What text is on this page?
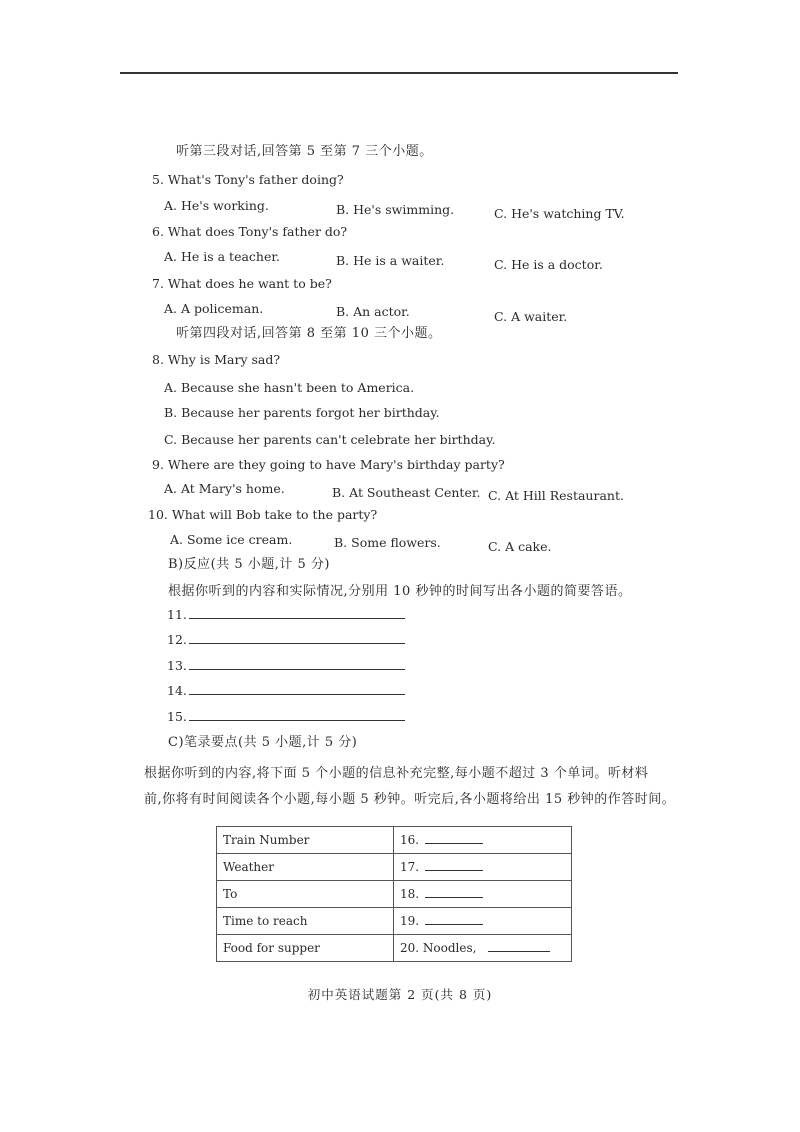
听第三段对话,回答第 5 至第 7 三个小题。
5. What's Tony's father doing?
A. He's working.	B. He's swimming.	C. He's watching TV.
6. What does Tony's father do?
A. He is a teacher.	B. He is a waiter.	C. He is a doctor.
7. What does he want to be?
A. A policeman.	B. An actor.	C. A waiter.
听第四段对话,回答第 8 至第 10 三个小题。
8. Why is Mary sad?
A. Because she hasn't been to America.
B. Because her parents forgot her birthday.
C. Because her parents can't celebrate her birthday.
9. Where are they going to have Mary's birthday party?
A. At Mary's home.	B. At Southeast Center. C. At Hill Restaurant.
10. What will Bob take to the party?
A. Some ice cream.	B. Some flowers.	C. A cake.
B)反应(共 5 小题,计 5 分)
根据你听到的内容和实际情况,分别用 10 秒钟的时间写出各小题的简要答语。
11.
12.
13.
14.
15.
C)笔录要点(共 5 小题,计 5 分)
根据你听到的内容,将下面 5 个小题的信息补充完整,每小题不超过 3 个单词。听材料
前,你将有时间阅读各个小题,每小题 5 秒钟。听完后,各小题将给出 15 秒钟的作答时间。
Train Number	16.
Weather	17.
To	18.
Time to reach	19.
Food for supper	20. Noodles,
初中英语试题第 2 页(共 8 页)
